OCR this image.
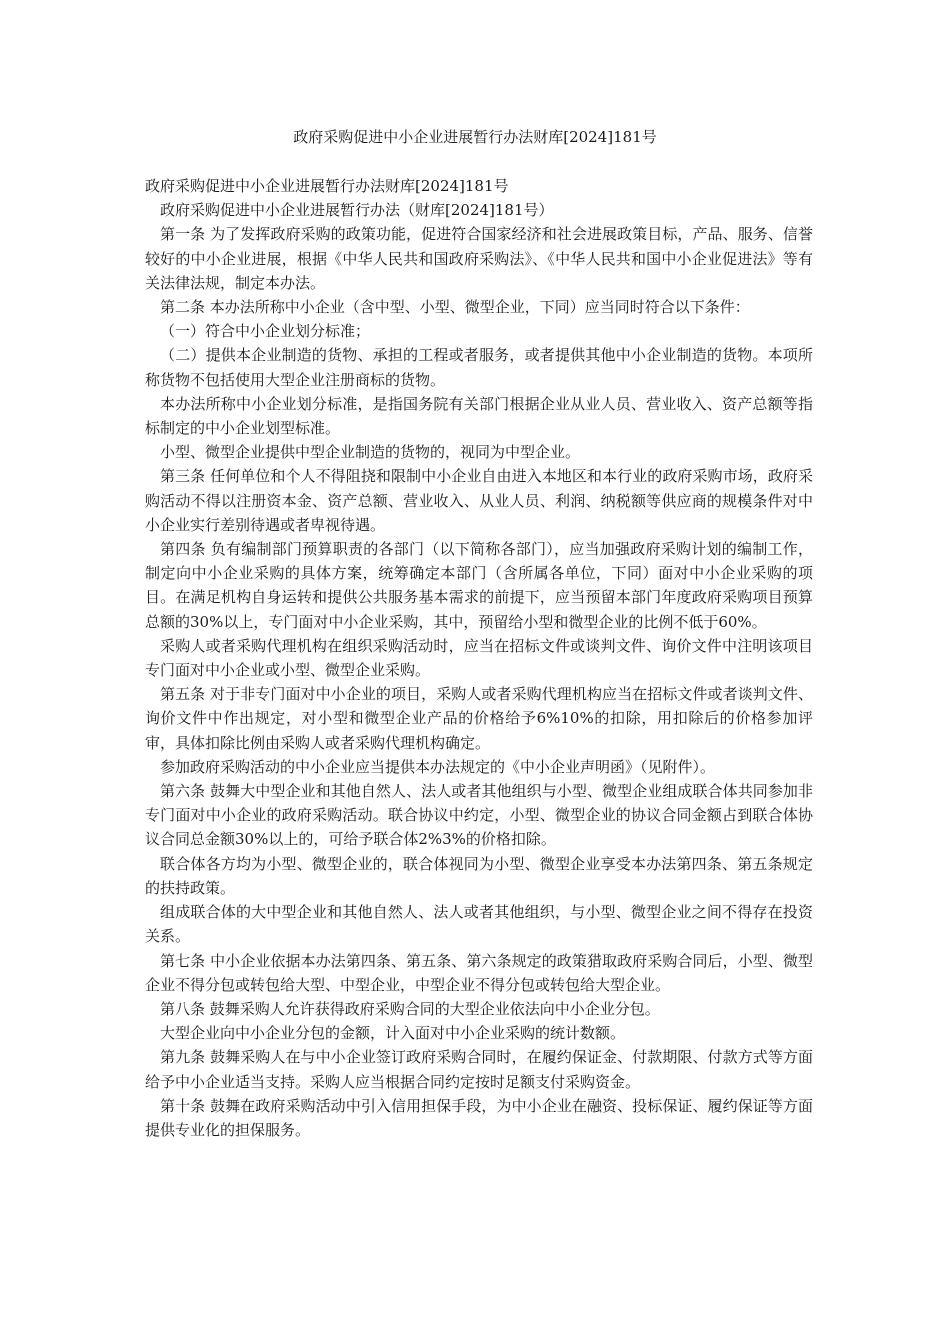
政府采购促进中小企业进展暂行办法财库[2024]181号

政府采购促进中小企业进展暂行办法财库[2024]181号

政府采购促进中小企业进展暂行办法（财库[2024]181号）

第一条 为了发挥政府采购的政策功能，促进符合国家经济和社会进展政策目标，产品、服务、信誉较好的中小企业进展，根据《中华人民共和国政府采购法》、《中华人民共和国中小企业促进法》等有关法律法规，制定本办法。

第二条 本办法所称中小企业（含中型、小型、微型企业，下同）应当同时符合以下条件：

（一）符合中小企业划分标准；

（二）提供本企业制造的货物、承担的工程或者服务，或者提供其他中小企业制造的货物。本项所称货物不包括使用大型企业注册商标的货物。

本办法所称中小企业划分标准，是指国务院有关部门根据企业从业人员、营业收入、资产总额等指标制定的中小企业划型标准。

小型、微型企业提供中型企业制造的货物的，视同为中型企业。

第三条 任何单位和个人不得阻挠和限制中小企业自由进入本地区和本行业的政府采购市场，政府采购活动不得以注册资本金、资产总额、营业收入、从业人员、利润、纳税额等供应商的规模条件对中小企业实行差别待遇或者卑视待遇。

第四条 负有编制部门预算职责的各部门（以下简称各部门），应当加强政府采购计划的编制工作，制定向中小企业采购的具体方案，统筹确定本部门（含所属各单位，下同）面对中小企业采购的项目。在满足机构自身运转和提供公共服务基本需求的前提下，应当预留本部门年度政府采购项目预算总额的30%以上，专门面对中小企业采购，其中，预留给小型和微型企业的比例不低于60%。

采购人或者采购代理机构在组织采购活动时，应当在招标文件或谈判文件、询价文件中注明该项目专门面对中小企业或小型、微型企业采购。

第五条 对于非专门面对中小企业的项目，采购人或者采购代理机构应当在招标文件或者谈判文件、询价文件中作出规定，对小型和微型企业产品的价格给予6%10%的扣除，用扣除后的价格参加评审，具体扣除比例由采购人或者采购代理机构确定。

参加政府采购活动的中小企业应当提供本办法规定的《中小企业声明函》（见附件）。

第六条 鼓舞大中型企业和其他自然人、法人或者其他组织与小型、微型企业组成联合体共同参加非专门面对中小企业的政府采购活动。联合协议中约定，小型、微型企业的协议合同金额占到联合体协议合同总金额30%以上的，可给予联合体2%3%的价格扣除。

联合体各方均为小型、微型企业的，联合体视同为小型、微型企业享受本办法第四条、第五条规定的扶持政策。

组成联合体的大中型企业和其他自然人、法人或者其他组织，与小型、微型企业之间不得存在投资关系。

第七条 中小企业依据本办法第四条、第五条、第六条规定的政策猎取政府采购合同后，小型、微型企业不得分包或转包给大型、中型企业，中型企业不得分包或转包给大型企业。

第八条 鼓舞采购人允许获得政府采购合同的大型企业依法向中小企业分包。

大型企业向中小企业分包的金额，计入面对中小企业采购的统计数额。

第九条 鼓舞采购人在与中小企业签订政府采购合同时，在履约保证金、付款期限、付款方式等方面给予中小企业适当支持。采购人应当根据合同约定按时足额支付采购资金。

第十条 鼓舞在政府采购活动中引入信用担保手段，为中小企业在融资、投标保证、履约保证等方面提供专业化的担保服务。
